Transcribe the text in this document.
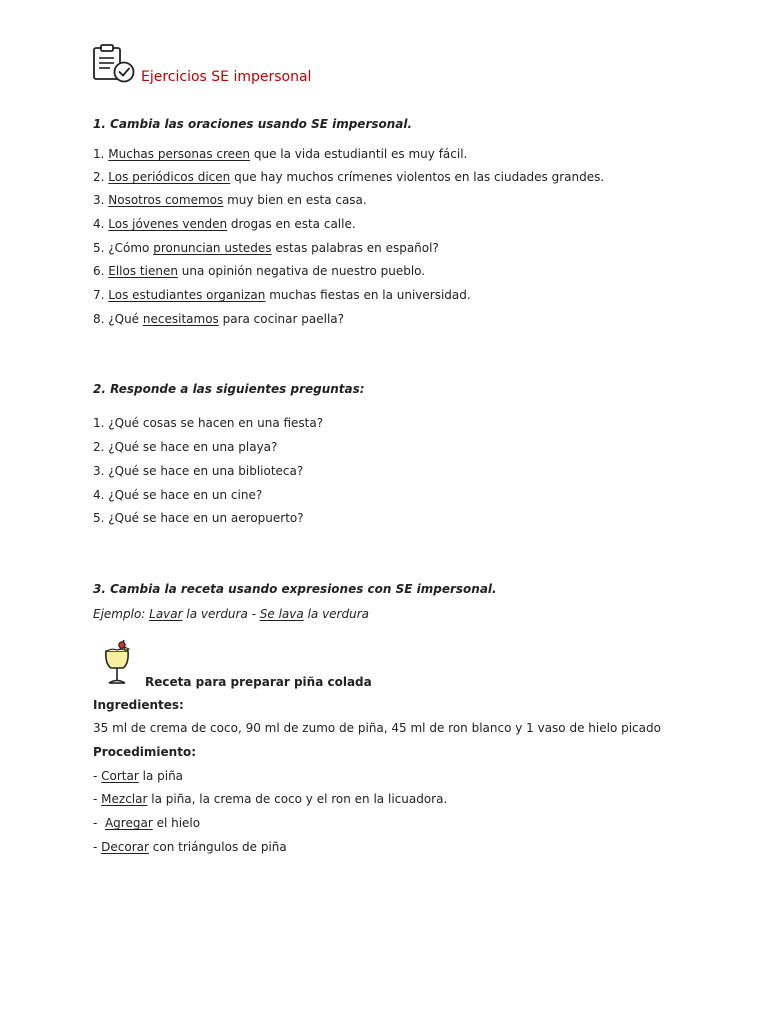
Ejercicios SE impersonal
1. Cambia las oraciones usando SE impersonal.
1. Muchas personas creen que la vida estudiantil es muy fácil.
2. Los periódicos dicen que hay muchos crímenes violentos en las ciudades grandes.
3. Nosotros comemos muy bien en esta casa.
4. Los jóvenes venden drogas en esta calle.
5. ¿Cómo pronuncian ustedes estas palabras en español?
6. Ellos tienen una opinión negativa de nuestro pueblo.
7. Los estudiantes organizan muchas fiestas en la universidad.
8. ¿Qué necesitamos para cocinar paella?
2. Responde a las siguientes preguntas:
1. ¿Qué cosas se hacen en una fiesta?
2. ¿Qué se hace en una playa?
3. ¿Qué se hace en una biblioteca?
4. ¿Qué se hace en un cine?
5. ¿Qué se hace en un aeropuerto?
3. Cambia la receta usando expresiones con SE impersonal.
Ejemplo: Lavar la verdura - Se lava la verdura
Receta para preparar piña colada
Ingredientes:
35 ml de crema de coco, 90 ml de zumo de piña, 45 ml de ron blanco y 1 vaso de hielo picado
Procedimiento:
- Cortar la piña
- Mezclar la piña, la crema de coco y el ron en la licuadora.
-  Agregar el hielo
- Decorar con triángulos de piña
